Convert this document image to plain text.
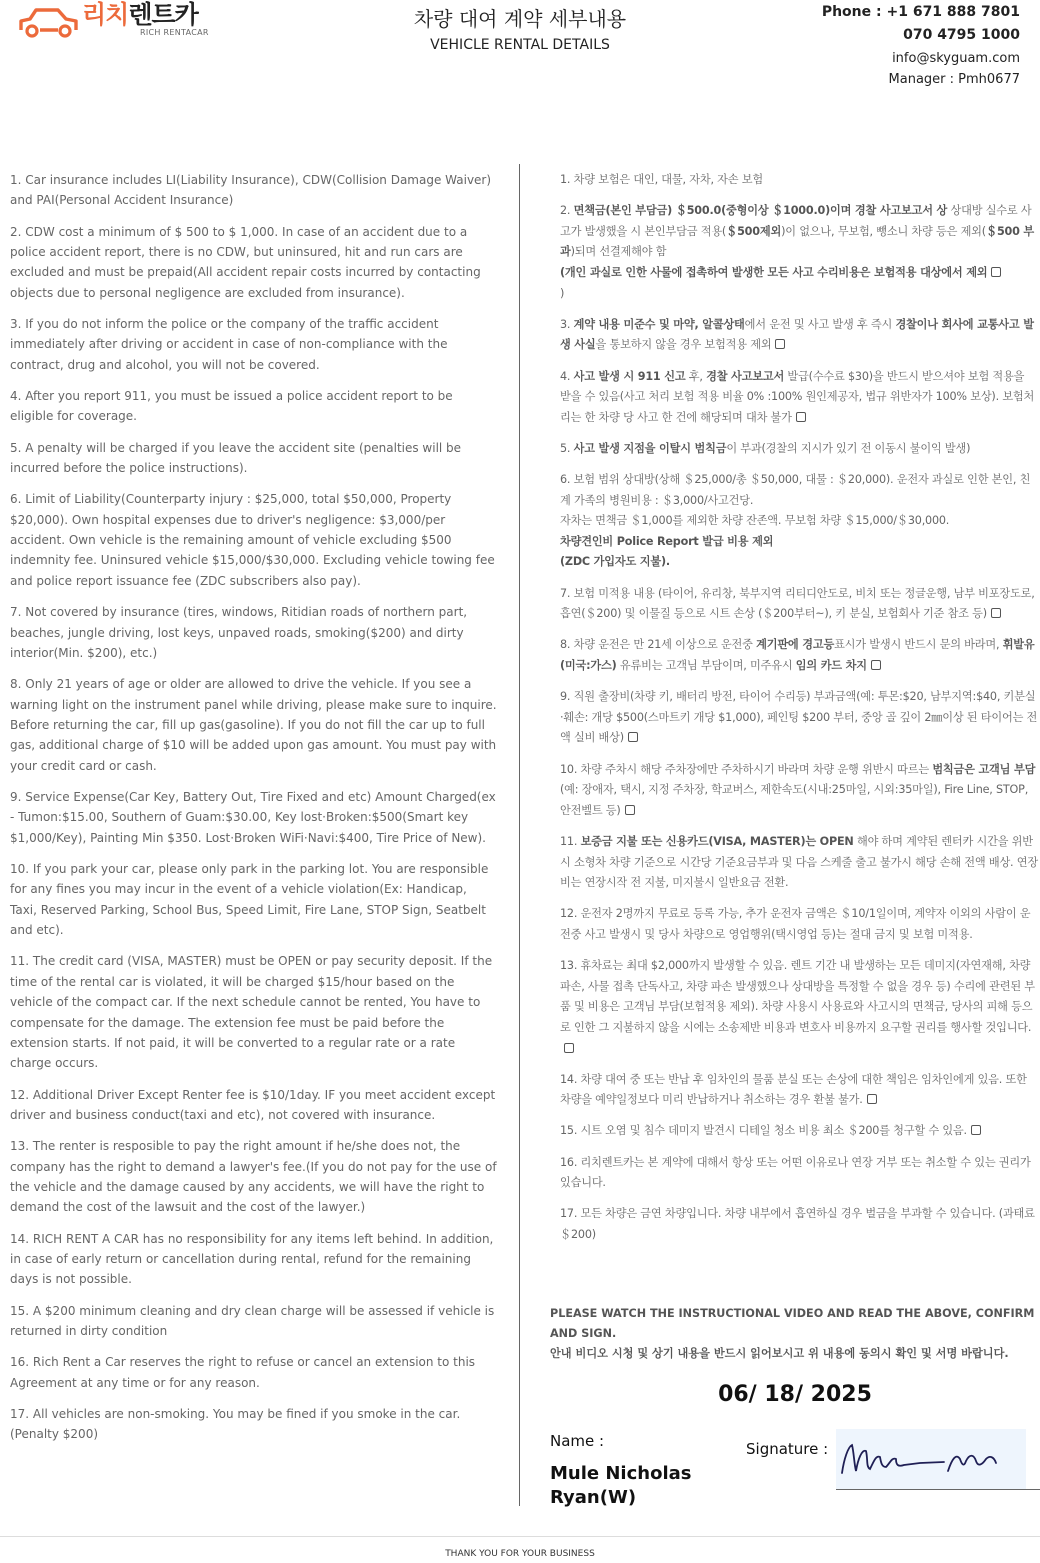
리치렌트카
RICH RENTACAR
차량 대여 계약 세부내용
VEHICLE RENTAL DETAILS
Phone : +1 671 888 7801
070 4795 1000
info@skyguam.com
Manager : Pmh0677

1. Car insurance includes LI(Liability Insurance), CDW(Collision Damage Waiver) and PAI(Personal Accident Insurance)

2. CDW cost a minimum of $ 500 to $ 1,000. In case of an accident due to a police accident report, there is no CDW, but uninsured, hit and run cars are excluded and must be prepaid(All accident repair costs incurred by contacting objects due to personal negligence are excluded from insurance).

3. If you do not inform the police or the company of the traffic accident immediately after driving or accident in case of non-compliance with the contract, drug and alcohol, you will not be covered.

4. After you report 911, you must be issued a police accident report to be eligible for coverage.

5. A penalty will be charged if you leave the accident site (penalties will be incurred before the police instructions).

6. Limit of Liability(Counterparty injury : $25,000, total $50,000, Property $20,000). Own hospital expenses due to driver's negligence: $3,000/per accident. Own vehicle is the remaining amount of vehicle excluding $500 indemnity fee. Uninsured vehicle $15,000/$30,000. Excluding vehicle towing fee and police report issuance fee (ZDC subscribers also pay).

7. Not covered by insurance (tires, windows, Ritidian roads of northern part, beaches, jungle driving, lost keys, unpaved roads, smoking($200) and dirty interior(Min. $200), etc.)

8. Only 21 years of age or older are allowed to drive the vehicle. If you see a warning light on the instrument panel while driving, please make sure to inquire. Before returning the car, fill up gas(gasoline). If you do not fill the car up to full gas, additional charge of $10 will be added upon gas amount. You must pay with your credit card or cash.

9. Service Expense(Car Key, Battery Out, Tire Fixed and etc) Amount Charged(ex - Tumon:$15.00, Southern of Guam:$30.00, Key lost·Broken:$500(Smart key $1,000/Key), Painting Min $350. Lost·Broken WiFi·Navi:$400, Tire Price of New).

10. If you park your car, please only park in the parking lot. You are responsible for any fines you may incur in the event of a vehicle violation(Ex: Handicap, Taxi, Reserved Parking, School Bus, Speed Limit, Fire Lane, STOP Sign, Seatbelt and etc).

11. The credit card (VISA, MASTER) must be OPEN or pay security deposit. If the time of the rental car is violated, it will be charged $15/hour based on the vehicle of the compact car. If the next schedule cannot be rented, You have to compensate for the damage. The extension fee must be paid before the extension starts. If not paid, it will be converted to a regular rate or a rate charge occurs.

12. Additional Driver Except Renter fee is $10/1day. IF you meet accident except driver and business conduct(taxi and etc), not covered with insurance.

13. The renter is resposible to pay the right amount if he/she does not, the company has the right to demand a lawyer's fee.(If you do not pay for the use of the vehicle and the damage caused by any accidents, we will have the right to demand the cost of the lawsuit and the cost of the lawyer.)

14. RICH RENT A CAR has no responsibility for any items left behind. In addition, in case of early return or cancellation during rental, refund for the remaining days is not possible.

15. A $200 minimum cleaning and dry clean charge will be assessed if vehicle is returned in dirty condition

16. Rich Rent a Car reserves the right to refuse or cancel an extension to this Agreement at any time or for any reason.

17. All vehicles are non-smoking. You may be fined if you smoke in the car. (Penalty $200)

1. 차량 보험은 대인, 대물, 자차, 자손 보험
2. 면책금(본인 부담금) ＄500.0(중형이상 ＄1000.0)이며 경찰 사고보고서 상 상대방 실수로 사고가 발생했을 시 본인부담금 적용(＄500제외)이 없으나, 무보험, 뺑소니 차량 등은 제외(＄500 부과)되며 선결제해야 함
(개인 과실로 인한 사물에 접촉하여 발생한 모든 사고 수리비용은 보험적용 대상에서 제외
)
3. 계약 내용 미준수 및 마약, 알콜상태에서 운전 및 사고 발생 후 즉시 경찰이나 회사에 교통사고 발생 사실을 통보하지 않을 경우 보험적용 제외
4. 사고 발생 시 911 신고 후, 경찰 사고보고서 발급(수수료 $30)을 반드시 받으셔야 보험 적용을 받을 수 있음(사고 처리 보험 적용 비율 0% :100% 원인제공자, 법규 위반자가 100% 보상). 보험처리는 한 차량 당 사고 한 건에 해당되며 대차 불가
5. 사고 발생 지점을 이탈시 범칙금이 부과(경찰의 지시가 있기 전 이동시 불이익 발생)
6. 보험 범위 상대방(상해 ＄25,000/총 ＄50,000, 대물 : ＄20,000). 운전자 과실로 인한 본인, 친계 가족의 병원비용 : ＄3,000/사고건당.
자차는 면책금 ＄1,000를 제외한 차량 잔존액. 무보험 차량 ＄15,000/＄30,000.
차량견인비 Police Report 발급 비용 제외
(ZDC 가입자도 지불).
7. 보험 미적용 내용 (타이어, 유리창, 북부지역 리티디안도로, 비치 또는 정글운행, 남부 비포장도로, 흡연(＄200) 및 이물질 등으로 시트 손상 (＄200부터~), 키 분실, 보험회사 기준 참조 등)
8. 차량 운전은 만 21세 이상으로 운전중 계기판에 경고등표시가 발생시 반드시 문의 바라며, 휘발유(미국:가스) 유류비는 고객님 부담이며, 미주유시 임의 카드 차지
9. 직원 출장비(차량 키, 배터리 방전, 타이어 수리등) 부과금액(예: 투몬:$20, 남부지역:$40, 키분실·훼손: 개당 $500(스마트키 개당 $1,000), 페인팅 $200 부터, 중앙 골 깊이 2㎜이상 된 타이어는 전액 실비 배상)
10. 차량 주차시 해당 주차장에만 주차하시기 바라며 차량 운행 위반시 따르는 범칙금은 고객님 부담 (예: 장애자, 택시, 지정 주차장, 학교버스, 제한속도(시내:25마일, 시외:35마일), Fire Line, STOP, 안전벨트 등)
11. 보증금 지불 또는 신용카드(VISA, MASTER)는 OPEN 해야 하며 계약된 렌터카 시간을 위반시 소형차 차량 기준으로 시간당 기준요금부과 및 다음 스케줄 출고 불가시 해당 손해 전액 배상. 연장비는 연장시작 전 지불, 미지불시 일반요금 전환.
12. 운전자 2명까지 무료로 등록 가능, 추가 운전자 금액은 ＄10/1일이며, 계약자 이외의 사람이 운전중 사고 발생시 및 당사 차량으로 영업행위(택시영업 등)는 절대 금지 및 보험 미적용.
13. 휴차료는 최대 $2,000까지 발생할 수 있음. 렌트 기간 내 발생하는 모든 데미지(자연재해, 차량 파손, 사물 접촉 단독사고, 차량 파손 발생했으나 상대방을 특정할 수 없을 경우 등) 수리에 관련된 부품 및 비용은 고객님 부담(보험적용 제외). 차량 사용시 사용료와 사고시의 면책금, 당사의 피해 등으로 인한 그 지불하지 않을 시에는 소송제반 비용과 변호사 비용까지 요구할 권리를 행사할 것입니다.
14. 차량 대여 중 또는 반납 후 임차인의 물품 분실 또는 손상에 대한 책임은 임차인에게 있음. 또한 차량을 예약일정보다 미리 반납하거나 취소하는 경우 환불 불가.
15. 시트 오염 및 침수 데미지 발견시 디테일 청소 비용 최소 ＄200를 청구할 수 있음.
16. 리치렌트카는 본 계약에 대해서 항상 또는 어떤 이유로나 연장 거부 또는 취소할 수 있는 권리가 있습니다.
17. 모든 차량은 금연 차량입니다. 차량 내부에서 흡연하실 경우 벌금을 부과할 수 있습니다. (과태료 ＄200)
PLEASE WATCH THE INSTRUCTIONAL VIDEO AND READ THE ABOVE, CONFIRM AND SIGN.
안내 비디오 시청 및 상기 내용을 반드시 읽어보시고 위 내용에 동의시 확인 및 서명 바랍니다.
06/ 18/ 2025
Name :
Mule Nicholas Ryan(W)
Signature :
THANK YOU FOR YOUR BUSINESS
